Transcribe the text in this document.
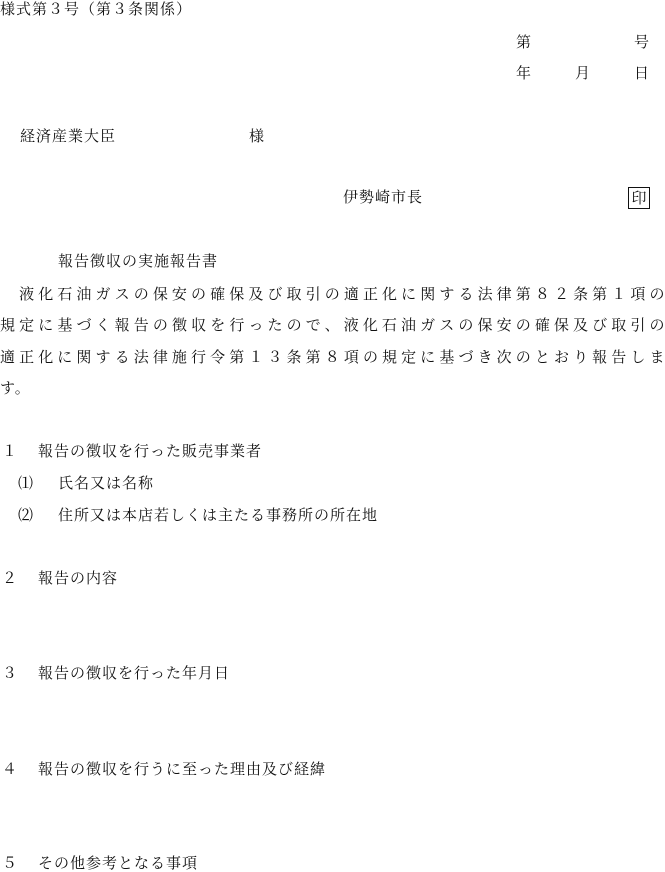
様式第３号（第３条関係）
第	号
年	月	日
経済産業大臣	様
伊勢崎市長	印
報告徴収の実施報告書
　液化石油ガスの保安の確保及び取引の適正化に関する法律第８２条第１項の
規定に基づく報告の徴収を行ったので、液化石油ガスの保安の確保及び取引の
適正化に関する法律施行令第１３条第８項の規定に基づき次のとおり報告しま
す。
１ 報告の徴収を行った販売事業者
⑴ 氏名又は名称
⑵ 住所又は本店若しくは主たる事務所の所在地
２ 報告の内容
３ 報告の徴収を行った年月日
４ 報告の徴収を行うに至った理由及び経緯
５ その他参考となる事項
